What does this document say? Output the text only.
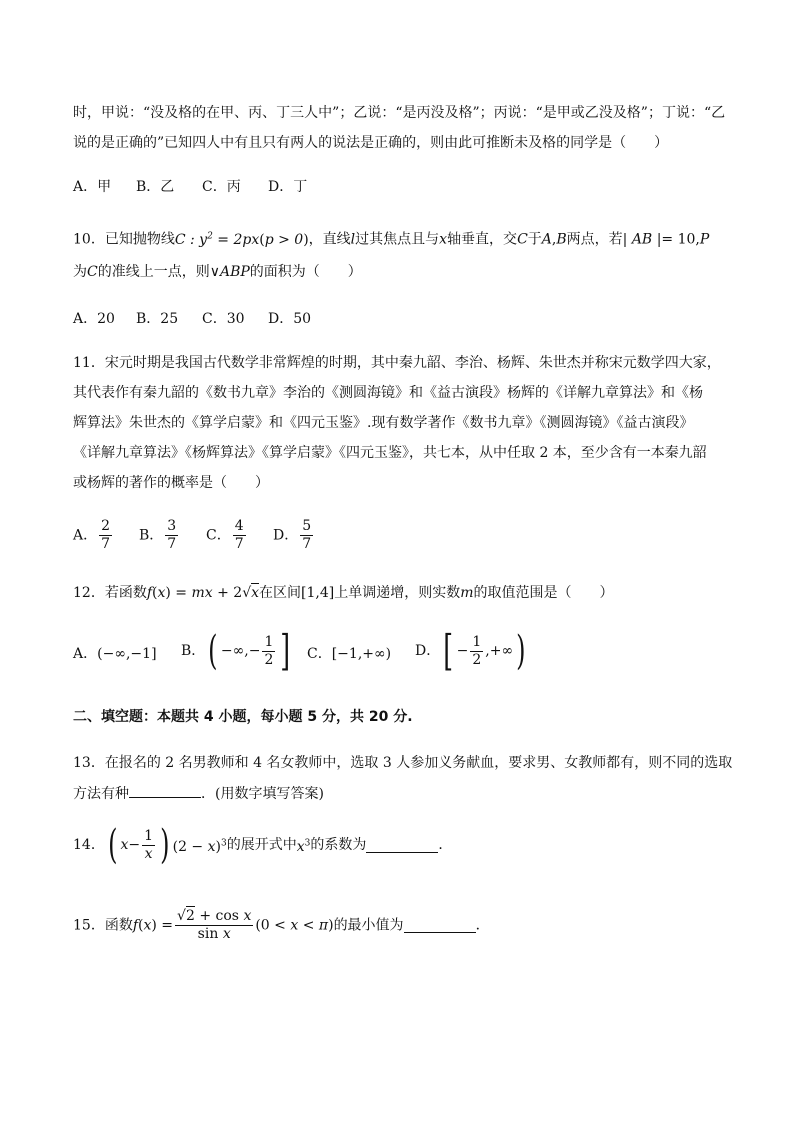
时，甲说：“没及格的在甲、丙、丁三人中”；乙说：“是丙没及格”；丙说：“是甲或乙没及格”；丁说：“乙
说的是正确的”已知四人中有且只有两人的说法是正确的，则由此可推断未及格的同学是（　　）
A．甲 B．乙 C．丙 D．丁
10．已知抛物线C : $y^2 = 2px(p > 0)$，直线l过其焦点且与x轴垂直，交C于A,B两点，若| AB |= 10,P
为C的准线上一点，则∨ABP的面积为（　　）
A．20 B．25 C．30 D．50
11．宋元时期是我国古代数学非常辉煌的时期，其中秦九韶、李治、杨辉、朱世杰并称宋元数学四大家，
其代表作有秦九韶的《数书九章》李治的《测圆海镜》和《益古演段》杨辉的《详解九章算法》和《杨
辉算法》朱世杰的《算学启蒙》和《四元玉鉴》.现有数学著作《数书九章》《测圆海镜》《益古演段》
《详解九章算法》《杨辉算法》《算学启蒙》《四元玉鉴》，共七本，从中任取 2 本，至少含有一本秦九韶
或杨辉的著作的概率是（　　）
A． $\frac{2}{7}$ B． $\frac{3}{7}$ C． $\frac{4}{7}$ D． $\frac{5}{7}$
12．若函数f(x) = mx + 2√x在区间[1,4]上单调递增，则实数m的取值范围是（　　）
A．(−∞,−1] B．( −∞,− $\frac{1}{2}$ ] C．[−1,+∞) D．[ − $\frac{1}{2}$ ,+∞)
二、填空题：本题共 4 小题，每小题 5 分，共 20 分.
13．在报名的 2 名男教师和 4 名女教师中，选取 3 人参加义务献血，要求男、女教师都有，则不同的选取
方法有种	．(用数字填写答案)
14．( $x- \frac{1}{x}$ ) $(2 - x)^3$的展开式中$x^3$的系数为	．
15．函数$f(x) = \frac{\text{√2 + cos x}}{\text{sin x}} (0 < x < \pi)$的最小值为	．
